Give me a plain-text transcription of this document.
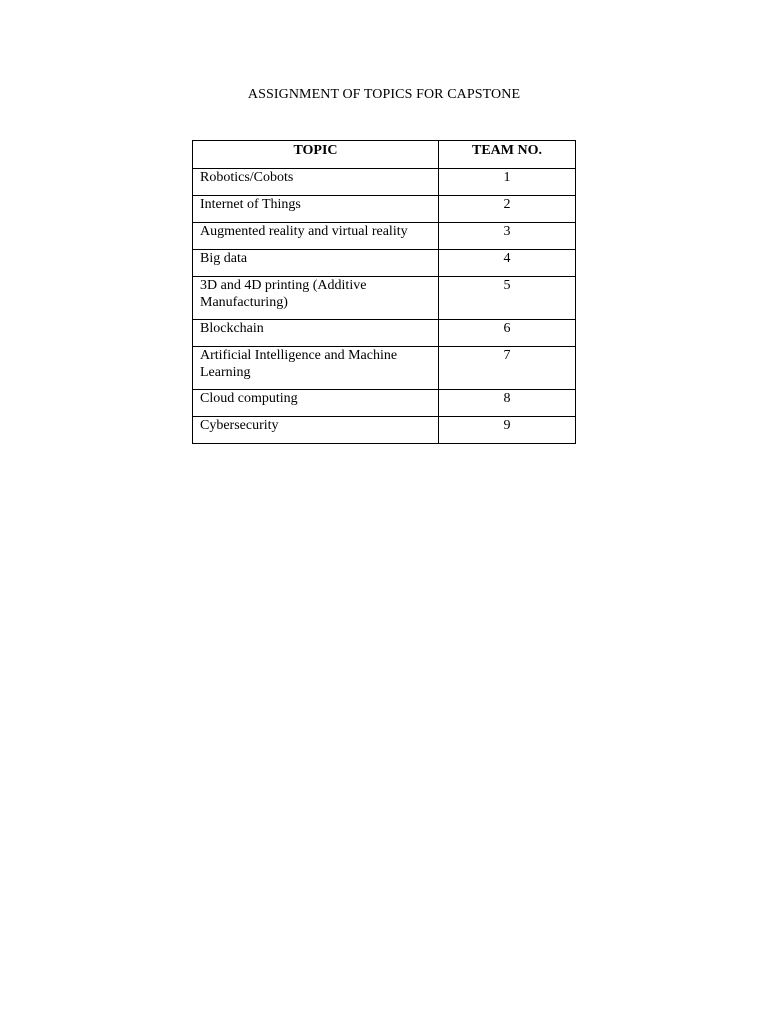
ASSIGNMENT OF TOPICS FOR CAPSTONE
TOPIC	TEAM NO.
Robotics/Cobots	1
Internet of Things	2
Augmented reality and virtual reality	3
Big data	4
3D and 4D printing (Additive Manufacturing)	5
Blockchain	6
Artificial Intelligence and Machine Learning	7
Cloud computing	8
Cybersecurity	9
